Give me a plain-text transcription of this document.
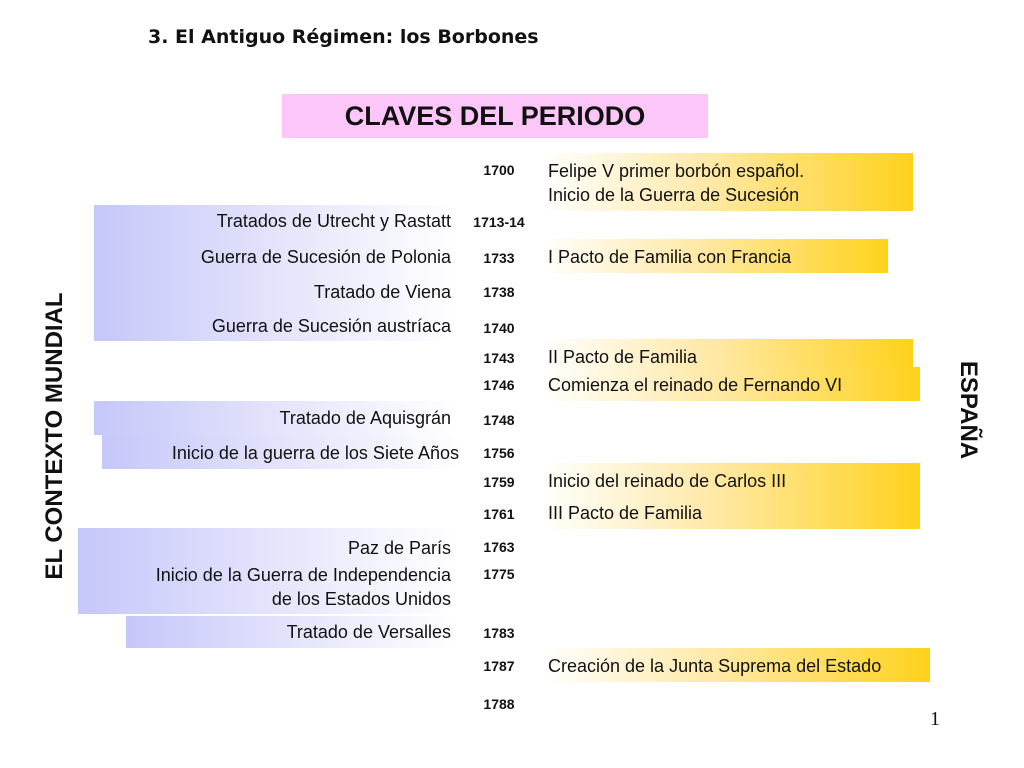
3. El Antiguo Régimen: los Borbones
CLAVES DEL PERIODO
EL CONTEXTO MUNDIAL	ESPAÑA
1700
1713-14
1733
1738
1740
1743
1746
1748
1756
1759
1761
1763
1775
1783
1787
1788
Tratados de Utrecht y Rastatt
Guerra de Sucesión de Polonia
Tratado de Viena
Guerra de Sucesión austríaca
Tratado de Aquisgrán
Inicio de la guerra de los Siete Años
Paz de París
Inicio de la Guerra de Independencia
de los Estados Unidos
Tratado de Versalles
Felipe V primer borbón español.
Inicio de la Guerra de Sucesión
I Pacto de Familia con Francia
II Pacto de Familia
Comienza el reinado de Fernando VI
Inicio del reinado de Carlos III
III Pacto de Familia
Creación de la Junta Suprema del Estado
1
